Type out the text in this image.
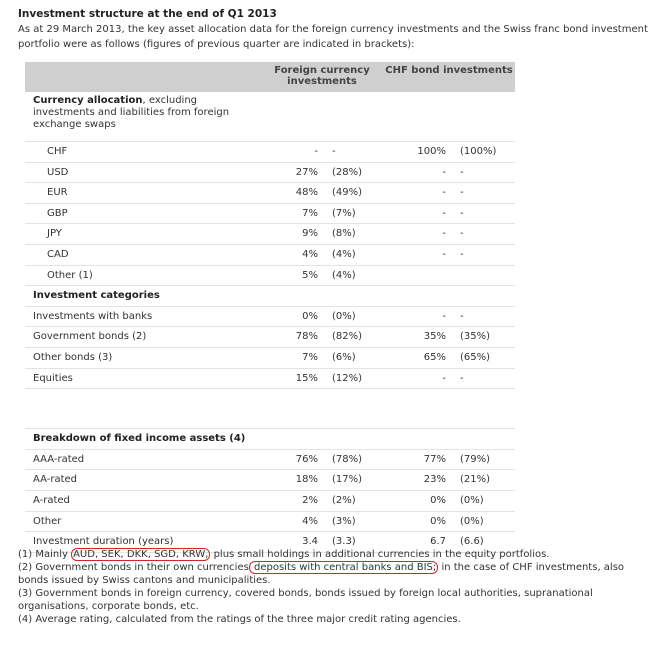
Investment structure at the end of Q1 2013
As at 29 March 2013, the key asset allocation data for the foreign currency investments and the Swiss franc bond investment portfolio were as follows (figures of previous quarter are indicated in brackets):
Foreign currency investments
CHF bond investments
Currency allocation, excluding investments and liabilities from foreign exchange swaps
CHF	- -	100% (100%)
USD	27% (28%)	- -
EUR	48% (49%)	- -
GBP	7% (7%)	- -
JPY	9% (8%)	- -
CAD	4% (4%)	- -
Other (1)	5% (4%)
Investment categories
Investments with banks	0% (0%)	- -
Government bonds (2)	78% (82%)	35% (35%)
Other bonds (3)	7% (6%)	65% (65%)
Equities	15% (12%)	- -
Breakdown of fixed income assets (4)
AAA-rated	76% (78%)	77% (79%)
AA-rated	18% (17%)	23% (21%)
A-rated	2% (2%)	0% (0%)
Other	4% (3%)	0% (0%)
Investment duration (years)	3.4 (3.3)	6.7 (6.6)
(1) Mainly AUD, SEK, DKK, SGD, KRW, plus small holdings in additional currencies in the equity portfolios.
(2) Government bonds in their own currencies deposits with central banks and BIS; in the case of CHF investments, also bonds issued by Swiss cantons and municipalities.
(3) Government bonds in foreign currency, covered bonds, bonds issued by foreign local authorities, supranational organisations, corporate bonds, etc.
(4) Average rating, calculated from the ratings of the three major credit rating agencies.
